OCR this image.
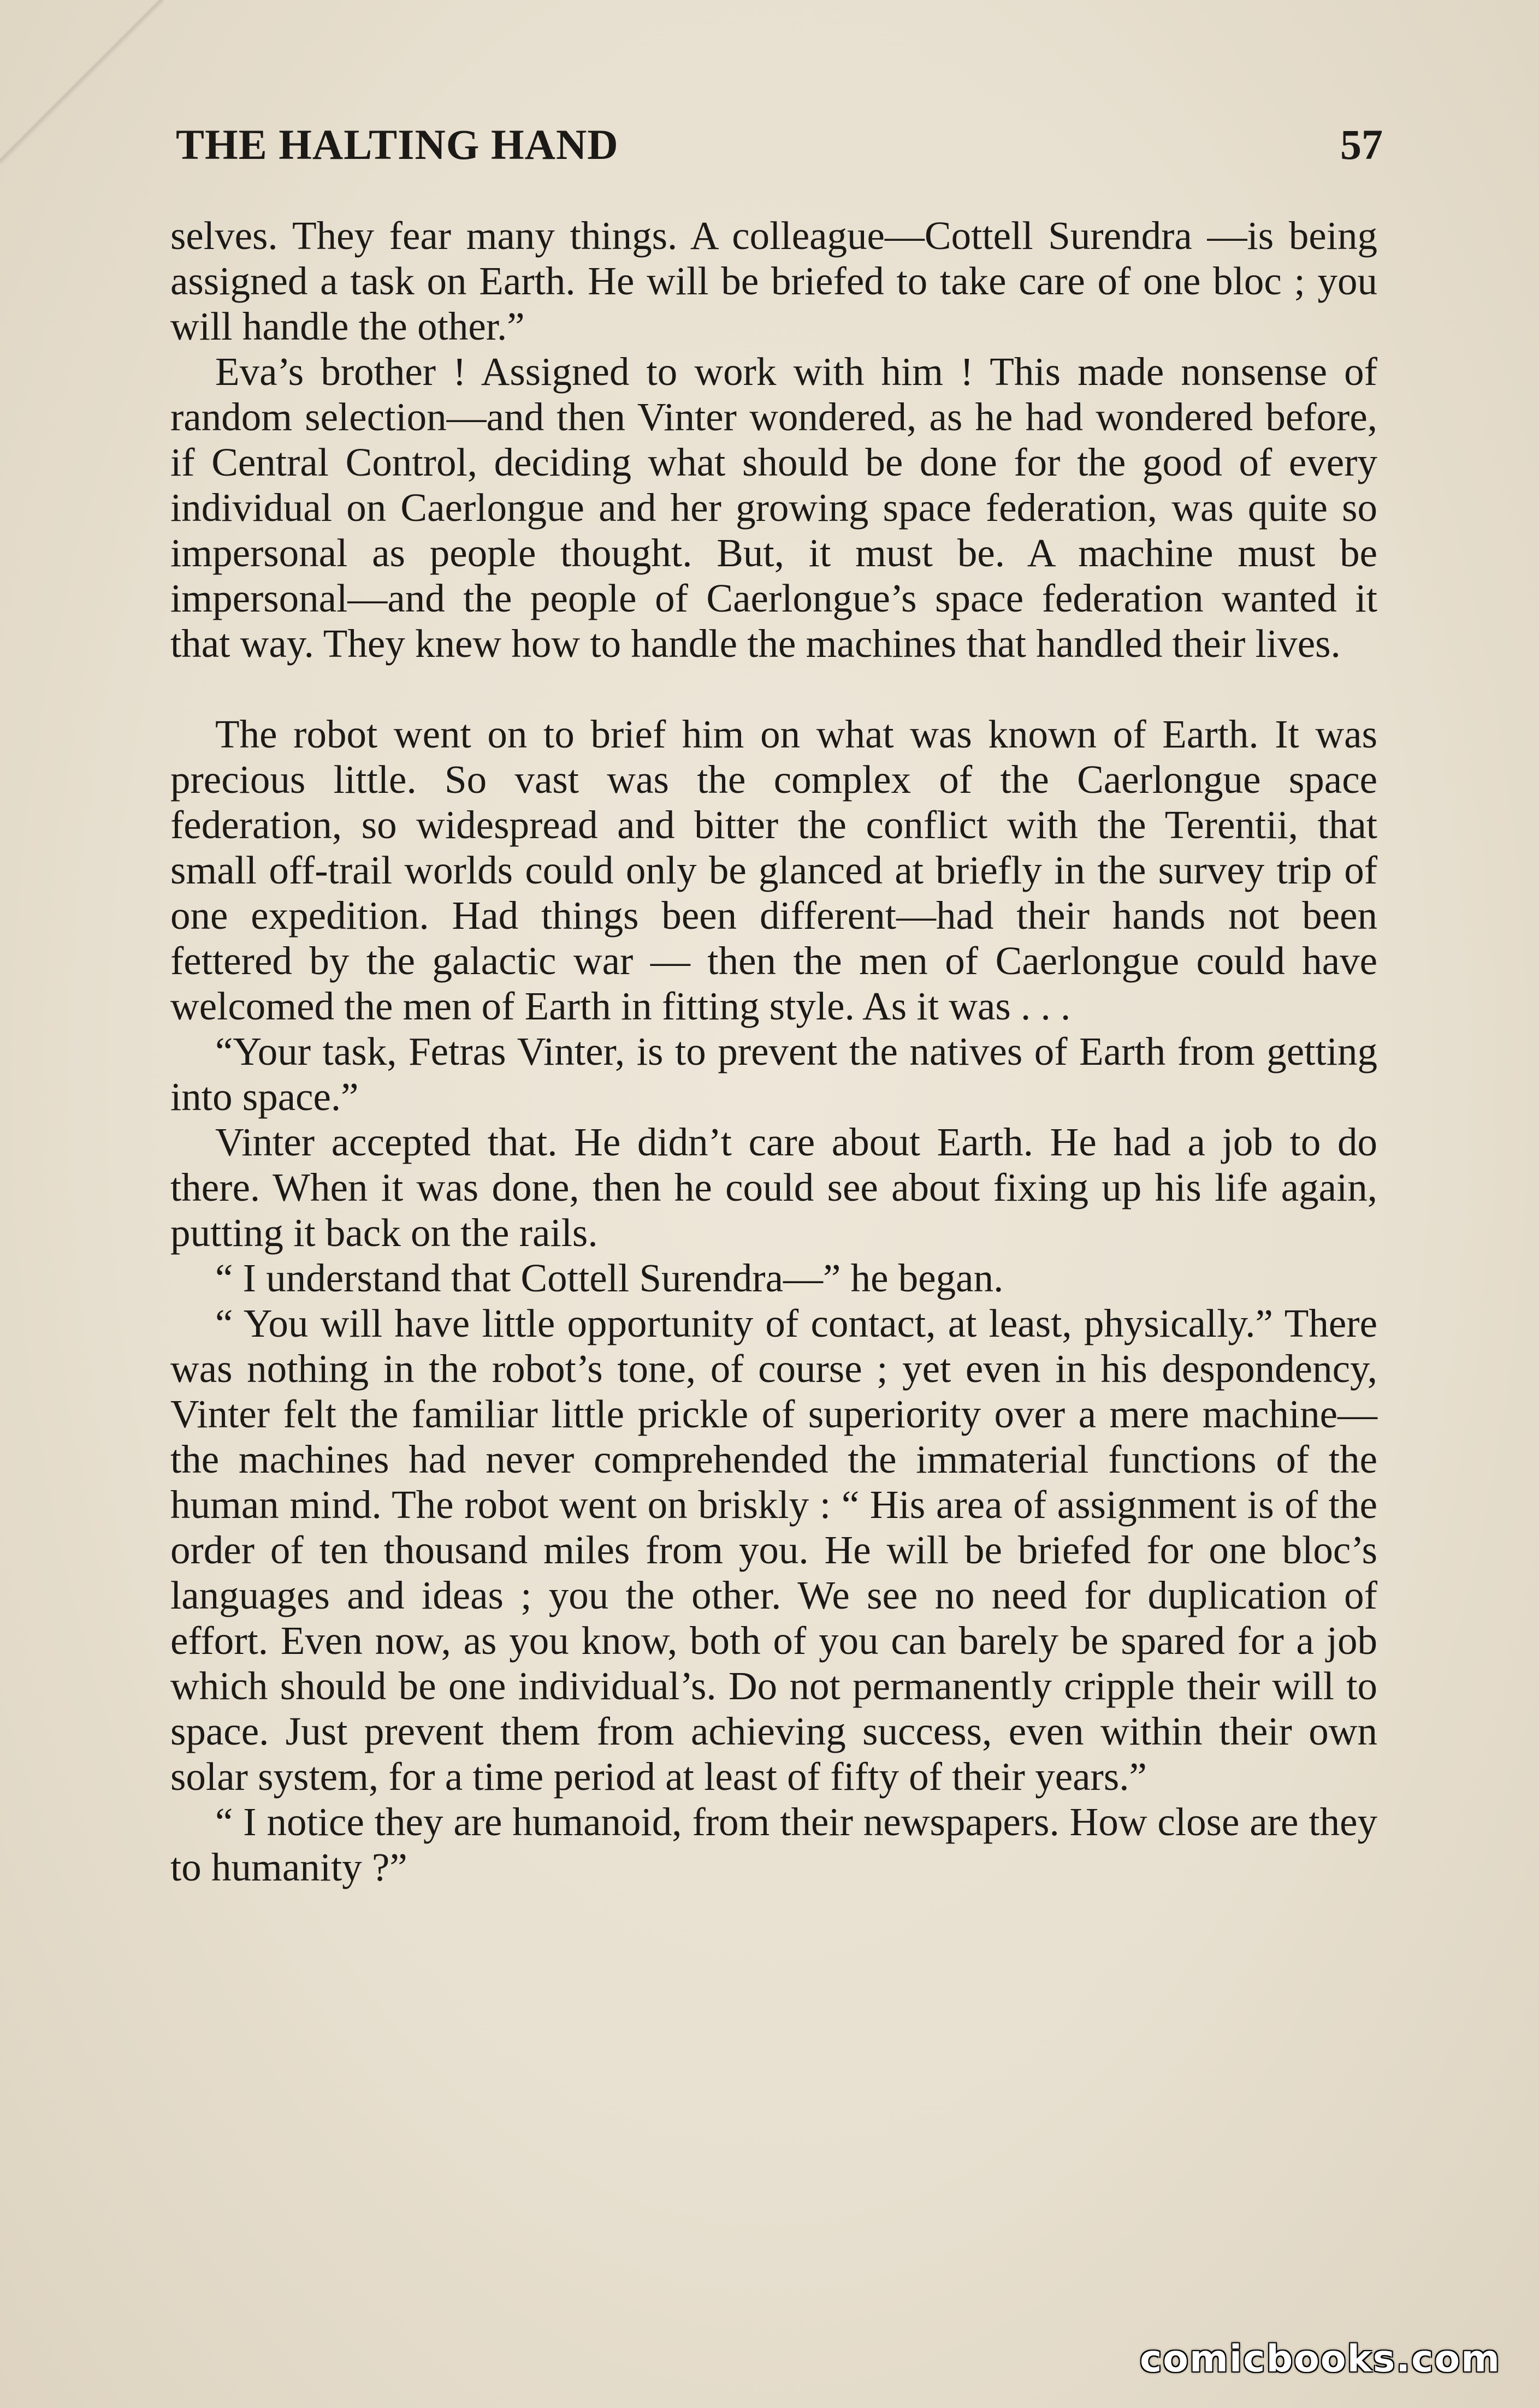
THE HALTING HAND	57

selves. They fear many things. A colleague—Cottell Surendra —is being assigned a task on Earth. He will be briefed to take care of one bloc ; you will handle the other.”

Eva’s brother ! Assigned to work with him ! This made nonsense of random selection—and then Vinter wondered, as he had wondered before, if Central Control, deciding what should be done for the good of every individual on Caerlongue and her growing space federation, was quite so impersonal as people thought. But, it must be. A machine must be impersonal—and the people of Caerlongue’s space federation wanted it that way. They knew how to handle the machines that handled their lives.

The robot went on to brief him on what was known of Earth. It was precious little. So vast was the complex of the Caerlongue space federation, so widespread and bitter the conflict with the Terentii, that small off-trail worlds could only be glanced at briefly in the survey trip of one expedition. Had things been different—had their hands not been fettered by the galactic war — then the men of Caerlongue could have welcomed the men of Earth in fitting style. As it was . . .

“Your task, Fetras Vinter, is to prevent the natives of Earth from getting into space.”

Vinter accepted that. He didn’t care about Earth. He had a job to do there. When it was done, then he could see about fixing up his life again, putting it back on the rails.

“ I understand that Cottell Surendra—” he began.

“ You will have little opportunity of contact, at least, physically.” There was nothing in the robot’s tone, of course ; yet even in his despondency, Vinter felt the familiar little prickle of superiority over a mere machine—the machines had never comprehended the immaterial functions of the human mind. The robot went on briskly : “ His area of assignment is of the order of ten thousand miles from you. He will be briefed for one bloc’s languages and ideas ; you the other. We see no need for duplication of effort. Even now, as you know, both of you can barely be spared for a job which should be one individual’s. Do not permanently cripple their will to space. Just prevent them from achieving success, even within their own solar system, for a time period at least of fifty of their years.”

“ I notice they are humanoid, from their newspapers. How close are they to humanity ?”

comicbooks.com
